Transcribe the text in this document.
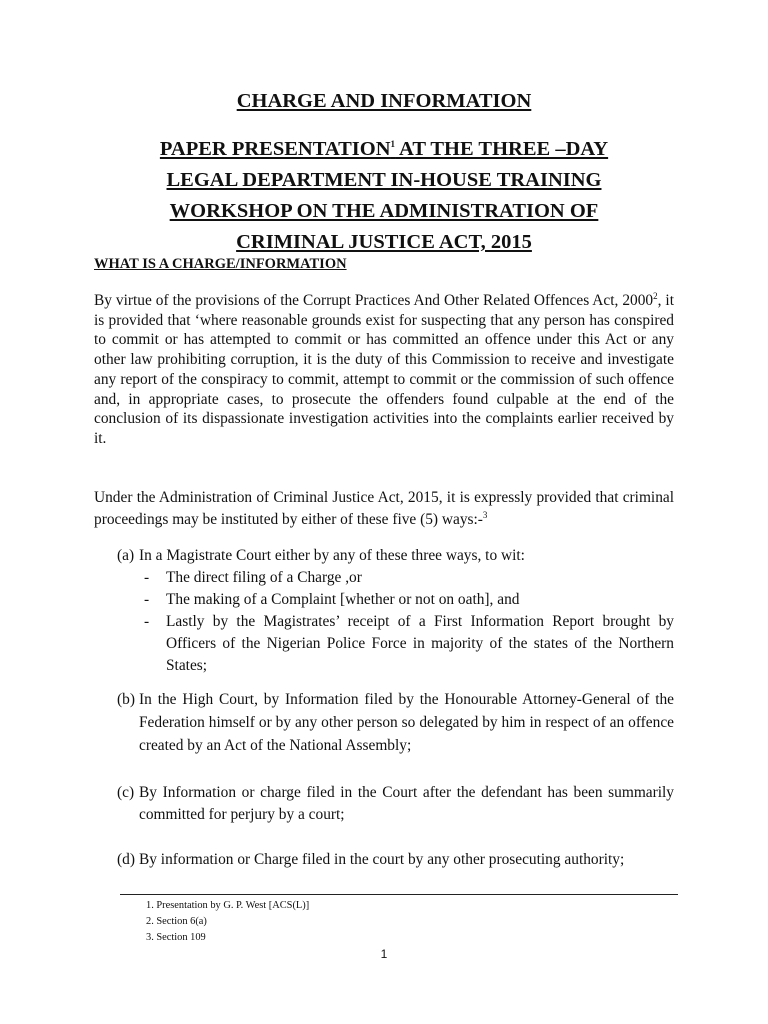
CHARGE AND INFORMATION
PAPER PRESENTATION$^1$ AT THE THREE –DAY
LEGAL DEPARTMENT IN-HOUSE TRAINING
WORKSHOP ON THE ADMINISTRATION OF
CRIMINAL JUSTICE ACT, 2015
WHAT IS A CHARGE/INFORMATION
By virtue of the provisions of the Corrupt Practices And Other Related Offences Act, 2000$^2$, it is provided that ‘where reasonable grounds exist for suspecting that any person has conspired to commit or has attempted to commit or has committed an offence under this Act or any other law prohibiting corruption, it is the duty of this Commission to receive and investigate any report of the conspiracy to commit, attempt to commit or the commission of such offence and, in appropriate cases, to prosecute the offenders found culpable at the end of the conclusion of its dispassionate investigation activities into the complaints earlier received by it.
Under the Administration of Criminal Justice Act, 2015, it is expressly provided that criminal proceedings may be instituted by either of these five (5) ways:-$^3$
(a) In a Magistrate Court either by any of these three ways, to wit:
-	The direct filing of a Charge ,or
-	The making of a Complaint [whether or not on oath], and
-	Lastly by the Magistrates’ receipt of a First Information Report brought by Officers of the Nigerian Police Force in majority of the states of the Northern States;
(b) In the High Court, by Information filed by the Honourable Attorney-General of the Federation himself or by any other person so delegated by him in respect of an offence created by an Act of the National Assembly;
(c) By Information or charge filed in the Court after the defendant has been summarily committed for perjury by a court;
(d) By information or Charge filed in the court by any other prosecuting authority;
1. Presentation by G. P. West [ACS(L)]
2. Section 6(a)
3. Section 109
1
